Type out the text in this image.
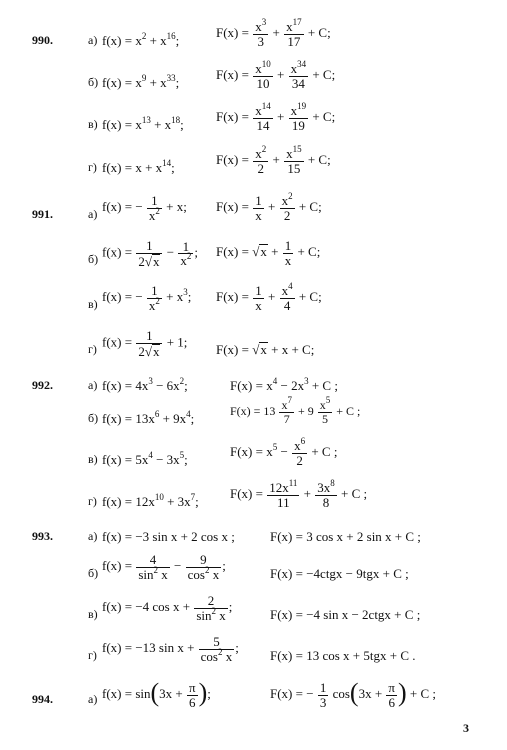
990.	а) $f(x) = x^2 + x^{16}$;
$F(x) = \frac{x^3}{3} + \frac{x^{17}}{17} + C$;
б) $f(x) = x^9 + x^{33}$;
$F(x) = \frac{x^{10}}{10} + \frac{x^{34}}{34} + C$;
в) $f(x) = x^{13} + x^{18}$;
$F(x) = \frac{x^{14}}{14} + \frac{x^{19}}{19} + C$;
г) $f(x) = x + x^{14}$;
$F(x) = \frac{x^2}{2} + \frac{x^{15}}{15} + C$;
991.	а) f(x) = − $\frac{1}{x^2} + x$; $F(x) = \frac{1}{x} + \frac{x^2}{2} + C$;
б) $f(x) = \frac{1}{2√x} - \frac{1}{x^2}$ ; $F(x) = √x + \frac{1}{x} + C$;
в) f(x) = − $\frac{1}{x^2} + x^3$; $F(x) = \frac{1}{x} + \frac{x^4}{4} + C$;
г) $f(x) = \frac{1}{2√x} + 1$; F(x) = √x + x + C;
992.	а) $f(x) = 4x^3 - 6x^2$;	$F(x) = x^4 - 2x^3 + C$ ;
б) $f(x) = 13x^6 + 9x^4$;
$F(x) = 13 \frac{x^7}{7} + 9 \frac{x^5}{5} + C$ ;
в) $f(x) = 5x^4 - 3x^5$;
$F(x) = x^5 - \frac{x^6}{2} + C$ ;
г) $f(x) = 12x^{10} + 3x^7$;
$F(x) = \frac{12x^{11}}{11} + \frac{3x^8}{8} + C$ ;
993.	а) f(x) = −3 sin x + 2 cos x ;	F(x) = 3 cos x + 2 sin x + C ;
б) $f(x) = \frac{4}{\sin^2 x} - \frac{9}{\cos^2 x}$ ;
F(x) = −4ctgx − 9tgx + C ;
в) f(x) = −4 $\cos x + \frac{2}{\sin^2 x}$ ;
F(x) = −4 sin x − 2ctgx + C ;
г) f(x) = −13 $\sin x + \frac{5}{\cos^2 x}$ ;
F(x) = 13 cos x + 5tgx + C .
994.	а) $f(x) = \sin(3x + \frac{\pi}{6}$ );	F(x) = − $\frac{1}{3} \cos(3x + \frac{\pi}{6}$ ) + C ;
3
